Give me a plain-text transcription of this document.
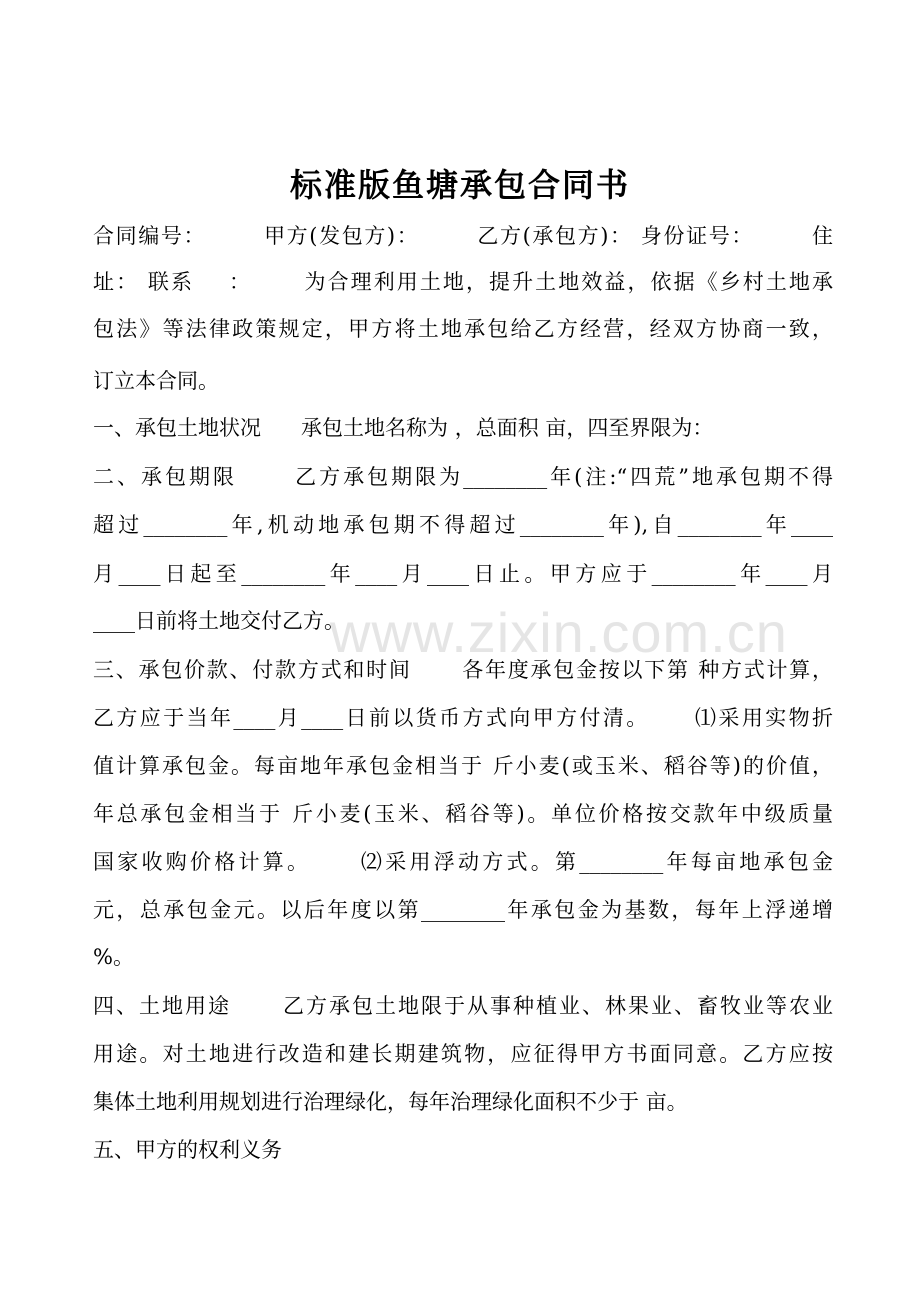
标准版鱼塘承包合同书
合同编号：       甲方(发包方)：       乙方(承包方)： 身份证号：       住
址： 联系    ：      为合理利用土地，提升土地效益，依据《乡村土地承
包法》等法律政策规定，甲方将土地承包给乙方经营，经双方协商一致，
订立本合同。
一、承包土地状况      承包土地名称为 ，总面积 亩，四至界限为：
二、承包期限      乙方承包期限为________年(注:“四荒”地承包期不得
超过________年,机动地承包期不得超过________年),自________年____
月____日起至________年____月____日止。甲方应于________年____月
____日前将土地交付乙方。
三、承包价款、付款方式和时间      各年度承包金按以下第 种方式计算，
乙方应于当年____月____日前以货币方式向甲方付清。     ⑴采用实物折
值计算承包金。每亩地年承包金相当于 斤小麦(或玉米、稻谷等)的价值，
年总承包金相当于 斤小麦(玉米、稻谷等)。单位价格按交款年中级质量
国家收购价格计算。     ⑵采用浮动方式。第________年每亩地承包金
元，总承包金元。以后年度以第________年承包金为基数，每年上浮递增
%。
四、土地用途      乙方承包土地限于从事种植业、林果业、畜牧业等农业
用途。对土地进行改造和建长期建筑物，应征得甲方书面同意。乙方应按
集体土地利用规划进行治理绿化，每年治理绿化面积不少于 亩。
五、甲方的权利义务
www.zixin.com.cn
